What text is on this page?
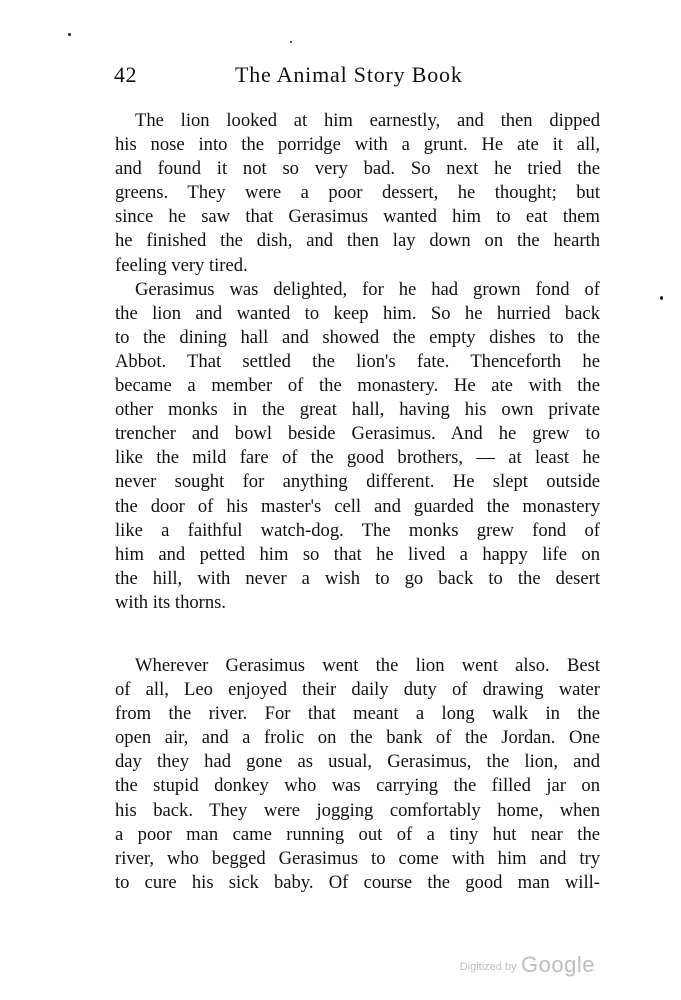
42	The Animal Story Book
The lion looked at him earnestly, and then dipped
his nose into the porridge with a grunt. He ate it all,
and found it not so very bad. So next he tried the
greens. They were a poor dessert, he thought; but
since he saw that Gerasimus wanted him to eat them
he finished the dish, and then lay down on the hearth
feeling very tired.
Gerasimus was delighted, for he had grown fond of
the lion and wanted to keep him. So he hurried back
to the dining hall and showed the empty dishes to the
Abbot. That settled the lion's fate. Thenceforth he
became a member of the monastery. He ate with the
other monks in the great hall, having his own private
trencher and bowl beside Gerasimus. And he grew to
like the mild fare of the good brothers, — at least he
never sought for anything different. He slept outside
the door of his master's cell and guarded the monastery
like a faithful watch-dog. The monks grew fond of
him and petted him so that he lived a happy life on
the hill, with never a wish to go back to the desert
with its thorns.
Wherever Gerasimus went the lion went also. Best
of all, Leo enjoyed their daily duty of drawing water
from the river. For that meant a long walk in the
open air, and a frolic on the bank of the Jordan. One
day they had gone as usual, Gerasimus, the lion, and
the stupid donkey who was carrying the filled jar on
his back. They were jogging comfortably home, when
a poor man came running out of a tiny hut near the
river, who begged Gerasimus to come with him and try
to cure his sick baby. Of course the good man will-
Digitized by Google
